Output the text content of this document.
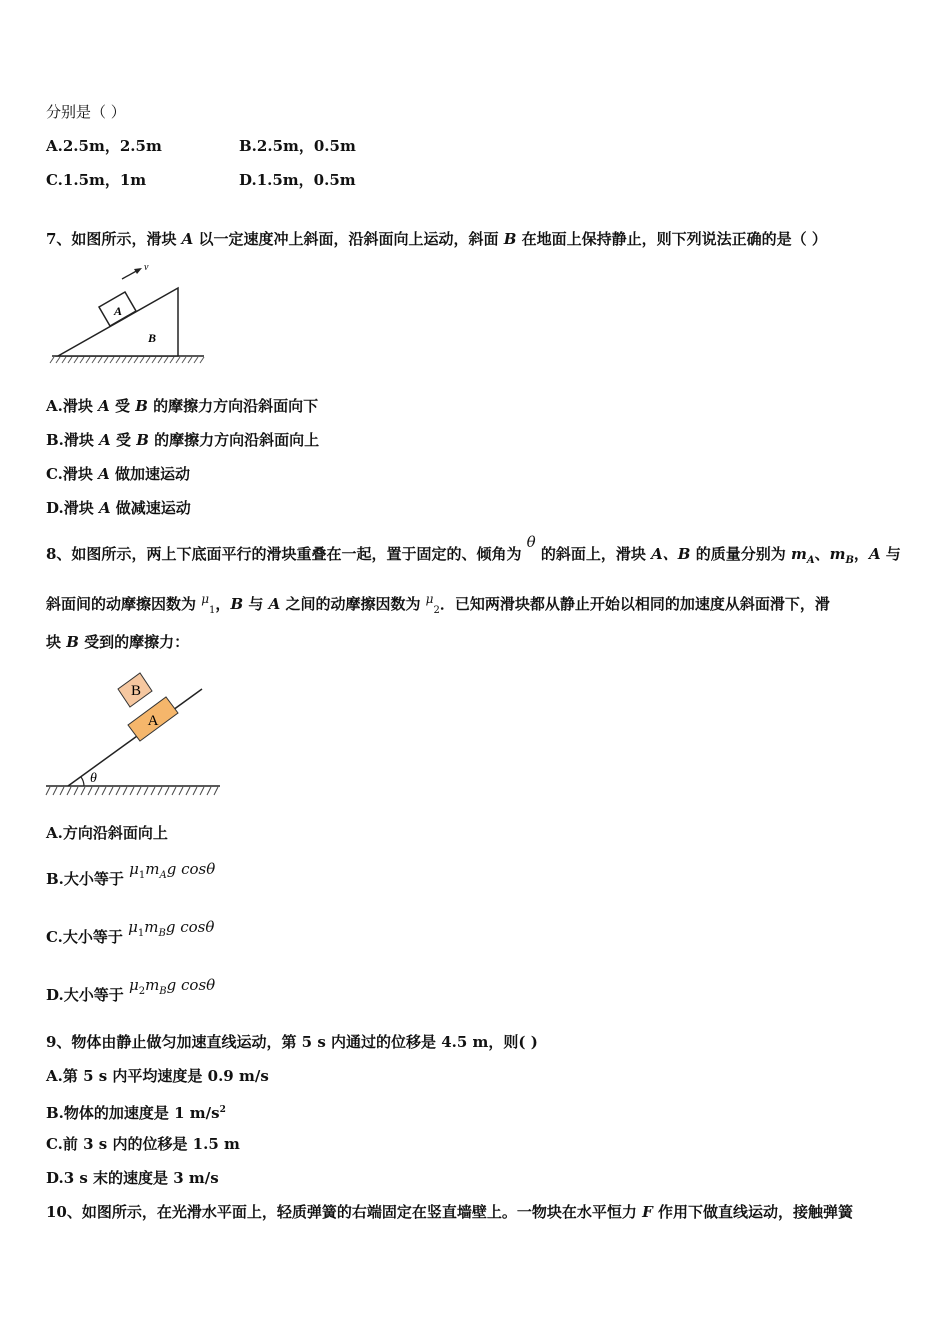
分别是（ ）
A.2.5m，2.5m	B.2.5m，0.5m
C.1.5m，1m	D.1.5m，0.5m
7、如图所示，滑块 A 以一定速度冲上斜面，沿斜面向上运动，斜面 B 在地面上保持静止，则下列说法正确的是（ ）
A
B
v
A.滑块 A 受 B 的摩擦力方向沿斜面向下
B.滑块 A 受 B 的摩擦力方向沿斜面向上
C.滑块 A 做加速运动
D.滑块 A 做减速运动
8、如图所示，两上下底面平行的滑块重叠在一起，置于固定的、倾角为 θ 的斜面上，滑块 A、B 的质量分别为 $m_A$、$m_B$，A 与
斜面间的动摩擦因数为 $^\mu_1$，B 与 A 之间的动摩擦因数为 $^\mu_2$．已知两滑块都从静止开始以相同的加速度从斜面滑下，滑
块 B 受到的摩擦力：
θ
A
B
A.方向沿斜面向上
B.大小等于 $\mu_1m_Ag$ cosθ
C.大小等于 $\mu_1m_Bg$ cosθ
D.大小等于 $\mu_2m_Bg$ cosθ
9、物体由静止做匀加速直线运动，第 5 s 内通过的位移是 4.5 m，则( )
A.第 5 s 内平均速度是 0.9 m/s
B.物体的加速度是 1 $m/s^2$
C.前 3 s 内的位移是 1.5 m
D.3 s 末的速度是 3 m/s
10、如图所示，在光滑水平面上，轻质弹簧的右端固定在竖直墙壁上。一物块在水平恒力 F 作用下做直线运动，接触弹簧
